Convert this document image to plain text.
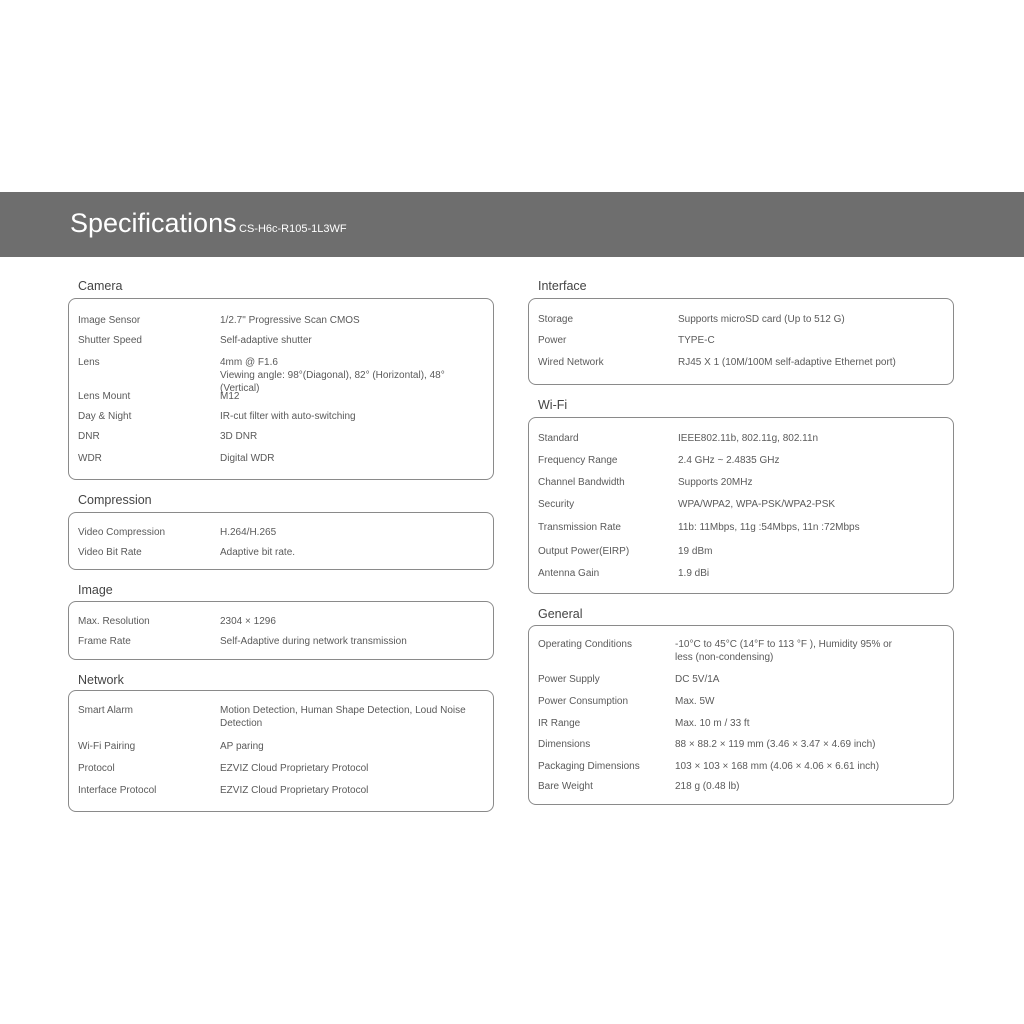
Specifications CS-H6c-R105-1L3WF
Camera
Image Sensor	1/2.7" Progressive Scan CMOS
Shutter Speed	Self-adaptive shutter
Lens	4mm @ F1.6
Viewing angle: 98°(Diagonal), 82° (Horizontal), 48°(Vertical)
Lens Mount	M12
Day & Night	IR-cut filter with auto-switching
DNR	3D DNR
WDR	Digital WDR
Compression
Video Compression	H.264/H.265
Video Bit Rate	Adaptive bit rate.
Image
Max. Resolution	2304 × 1296
Frame Rate	Self-Adaptive during network transmission
Network
Smart Alarm	Motion Detection, Human Shape Detection, Loud Noise
Detection
Wi-Fi Pairing	AP paring
Protocol	EZVIZ Cloud Proprietary Protocol
Interface Protocol	EZVIZ Cloud Proprietary Protocol
Interface
Storage	Supports microSD card (Up to 512 G)
Power	TYPE-C
Wired Network	RJ45 X 1 (10M/100M self-adaptive Ethernet port)
Wi-Fi
Standard	IEEE802.11b, 802.11g, 802.11n
Frequency Range	2.4 GHz ~ 2.4835 GHz
Channel Bandwidth	Supports 20MHz
Security	WPA/WPA2, WPA-PSK/WPA2-PSK
Transmission Rate	11b: 11Mbps, 11g :54Mbps, 11n :72Mbps
Output Power(EIRP)	19 dBm
Antenna Gain	1.9 dBi
General
Operating Conditions	-10°C to 45°C (14°F to 113 °F ), Humidity 95% or
less (non-condensing)
Power Supply	DC 5V/1A
Power Consumption	Max. 5W
IR Range	Max. 10 m / 33 ft
Dimensions	88 × 88.2 × 119 mm (3.46 × 3.47 × 4.69 inch)
Packaging Dimensions	103 × 103 × 168 mm (4.06 × 4.06 × 6.61 inch)
Bare Weight	218 g (0.48 lb)
